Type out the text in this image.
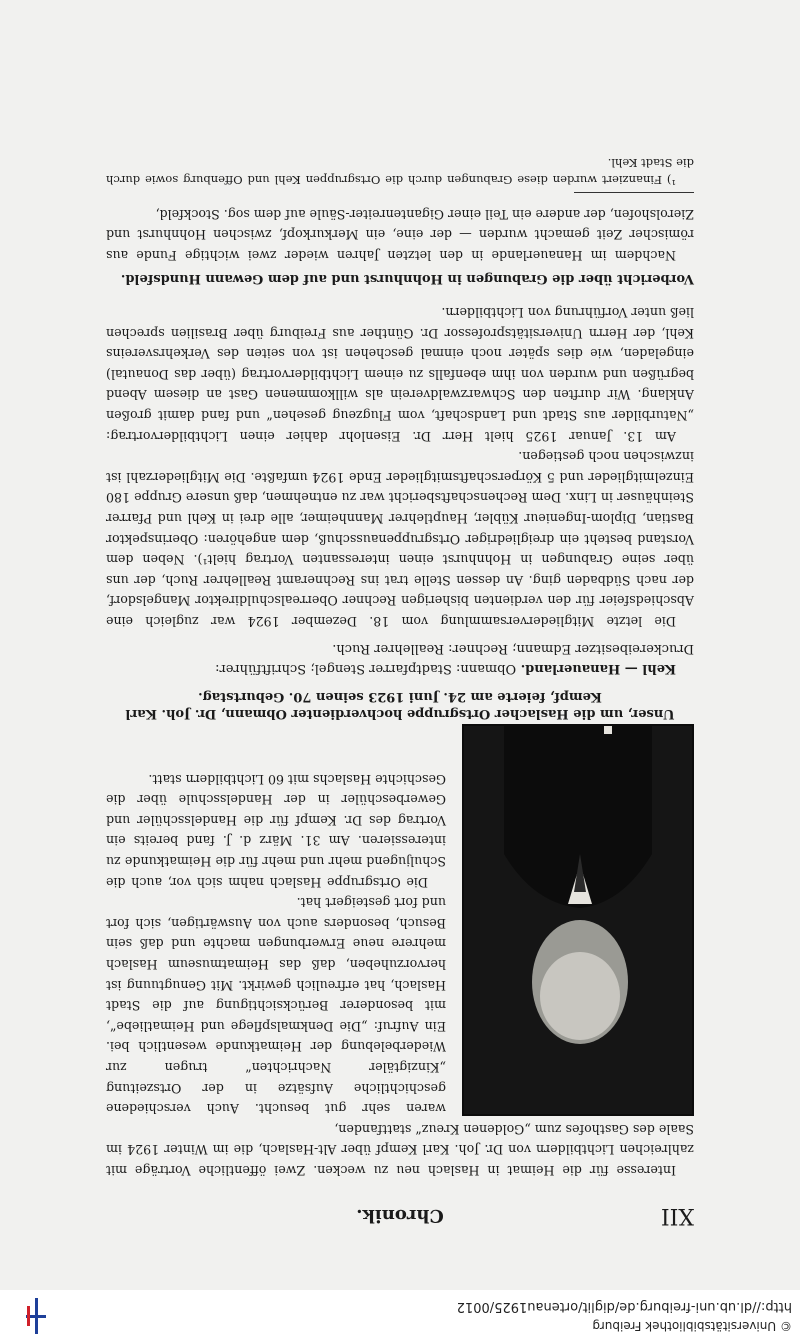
XII
Chronik.

Interesse für die Heimat in Haslach neu zu wecken. Zwei öffentliche Vorträge mit zahlreichen Lichtbildern von Dr. Joh. Karl Kempf über Alt-Haslach, die im Winter 1924 im Saale des Gasthofes zum „Goldenen Kreuz“ stattfanden,

waren sehr gut besucht. Auch verschiedene geschichtliche Aufsätze in der Ortszeitung „Kinzigtäler Nachrichten“ trugen zur Wiederbelebung der Heimatkunde wesentlich bei. Ein Aufruf: „Die Denkmalspflege und Heimatliebe“, mit besonderer Berücksichtigung auf die Stadt Haslach, hat erfreulich gewirkt. Mit Genugtuung ist hervorzuheben, daß das Heimatmuseum Haslach mehrere neue Erwerbungen machte und daß sein Besuch, besonders auch von Auswärtigen, sich fort und fort gesteigert hat.

Die Ortsgruppe Haslach nahm sich vor, auch die Schuljugend mehr und mehr für die Heimatkunde zu interessieren. Am 31. März d. J. fand bereits ein Vortrag des Dr. Kempf für die Handelsschüler und Gewerbeschüler in der Handelsschule über die Geschichte Haslachs mit 60 Lichtbildern statt.

Unser, um die Haslacher Ortsgruppe hochverdienter Obmann, Dr. Joh. Karl Kempf, feierte am 24. Juni 1923 seinen 70. Geburtstag.

Kehl — Hanauerland. Obmann: Stadtpfarrer Stengel; Schriftführer: Druckereibesitzer Edmann; Rechner: Reallehrer Ruch.

Die letzte Mitgliederversammlung vom 18. Dezember 1924 war zugleich eine Abschiedsfeier für den verdienten bisherigen Rechner Oberrealschuldirektor Mangelsdorf, der nach Südbaden ging. An dessen Stelle trat ins Rechneramt Reallehrer Ruch, der uns über seine Grabungen in Hohnhurst einen interessanten Vortrag hielt¹). Neben dem Vorstand besteht ein dreigliedriger Ortsgruppenausschuß, dem angehören: Oberinspektor Bastian, Diplom-Ingenieur Kübler, Hauptlehrer Mannheimer, alle drei in Kehl und Pfarrer Steinhäuser in Linx. Dem Rechenschaftsbericht war zu entnehmen, daß unsere Gruppe 180 Einzelmitglieder und 5 Körperschaftsmitglieder Ende 1924 umfaßte. Die Mitgliederzahl ist inzwischen noch gestiegen.

Am 13. Januar 1925 hielt Herr Dr. Eisenlohr dahier einen Lichtbildervortrag: „Naturbilder aus Stadt und Landschaft, vom Flugzeug gesehen“ und fand damit großen Anklang. Wir durften den Schwarzwaldverein als willkommenen Gast an diesem Abend begrüßen und wurden von ihm ebenfalls zu einem Lichtbildervortrag (über das Donautal) eingeladen, wie dies später noch einmal geschehen ist von seiten des Verkehrsvereins Kehl, der Herrn Universitätsprofessor Dr. Günther aus Freiburg über Brasilien sprechen ließ unter Vorführung von Lichtbildern.

Vorbericht über die Grabungen in Hohnhurst und auf dem Gewann Hundsfeld.

Nachdem im Hanauerlande in den letzten Jahren wieder zwei wichtige Funde aus römischer Zeit gemacht wurden — der eine, ein Merkurkopf, zwischen Hohnhurst und Zierolshofen, der andere ein Teil einer Gigantenreiter-Säule auf dem sog. Stockfeld,

¹) Finanziert wurden diese Grabungen durch die Ortsgruppen Kehl und Offenburg sowie durch die Stadt Kehl.

© Universitätsbibliothek Freiburg
http://dl.ub.uni-freiburg.de/diglit/ortenau1925/0012
